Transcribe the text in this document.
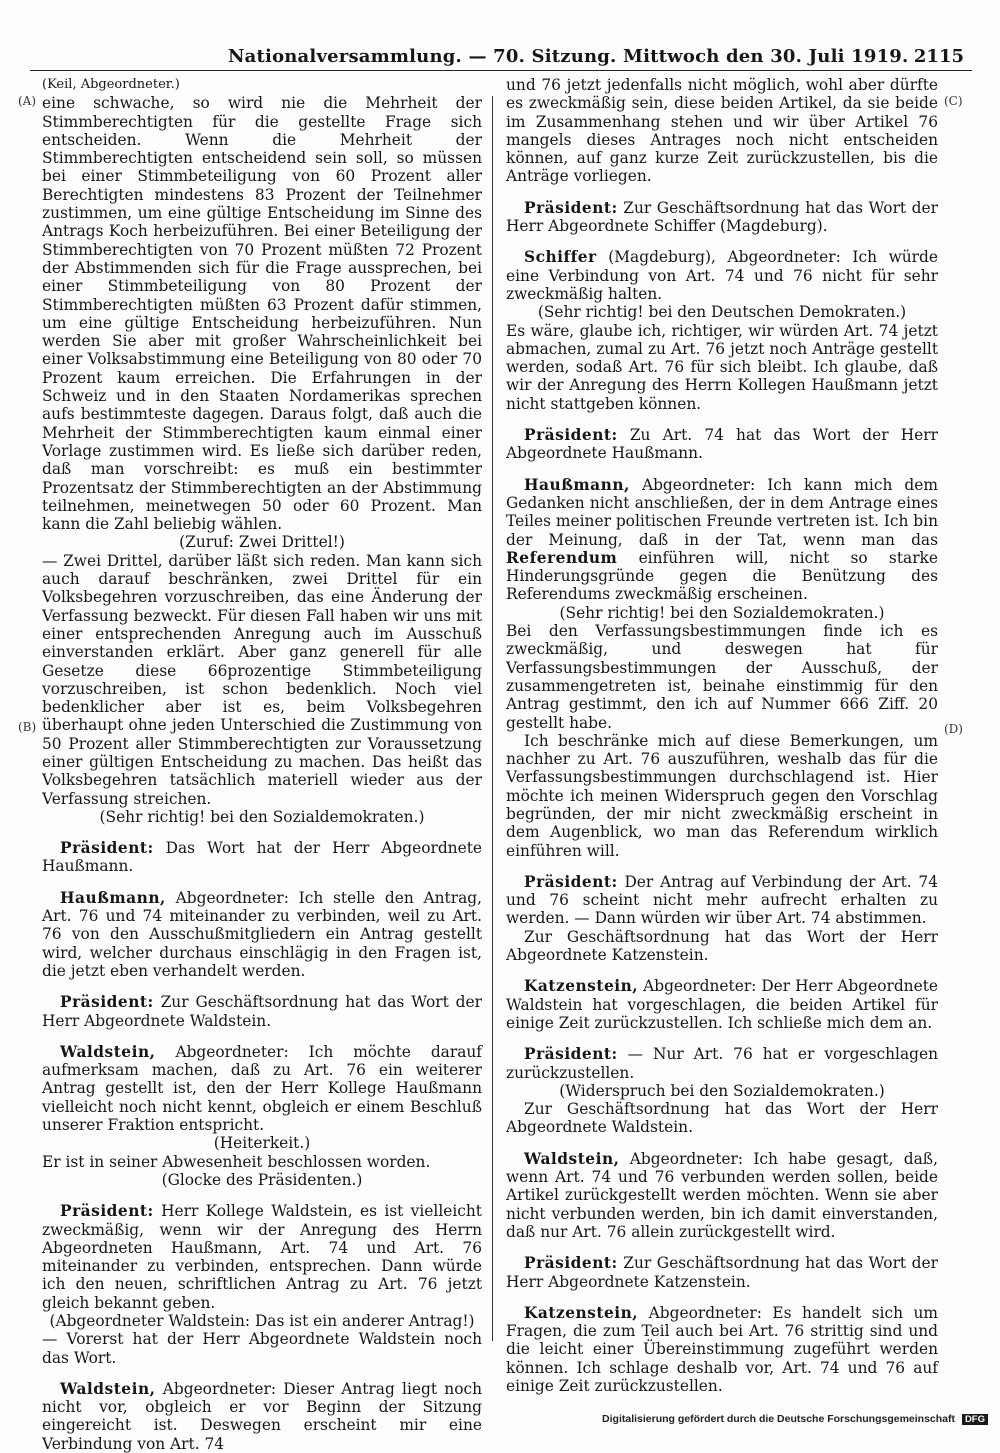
Nationalversammlung. — 70. Sitzung. Mittwoch den 30. Juli 1919. 2115
(A)
(B)
(C)
(D)

(Keil, Abgeordneter.)

eine schwache, so wird nie die Mehrheit der Stimmberechtigten für die gestellte Frage sich entscheiden. Wenn die Mehrheit der Stimmberechtigten entscheidend sein soll, so müssen bei einer Stimmbeteiligung von 60 Prozent aller Berechtigten mindestens 83 Prozent der Teilnehmer zustimmen, um eine gültige Entscheidung im Sinne des Antrags Koch herbeizuführen. Bei einer Beteiligung der Stimmberechtigten von 70 Prozent müßten 72 Prozent der Abstimmenden sich für die Frage aussprechen, bei einer Stimmbeteiligung von 80 Prozent der Stimmberechtigten müßten 63 Prozent dafür stimmen, um eine gültige Entscheidung herbeizuführen. Nun werden Sie aber mit großer Wahrscheinlichkeit bei einer Volksabstimmung eine Beteiligung von 80 oder 70 Prozent kaum erreichen. Die Erfahrungen in der Schweiz und in den Staaten Nordamerikas sprechen aufs bestimmteste dagegen. Daraus folgt, daß auch die Mehrheit der Stimmberechtigten kaum einmal einer Vorlage zustimmen wird. Es ließe sich darüber reden, daß man vorschreibt: es muß ein bestimmter Prozentsatz der Stimmberechtigten an der Abstimmung teilnehmen, meinetwegen 50 oder 60 Prozent. Man kann die Zahl beliebig wählen.

(Zuruf: Zwei Drittel!)

— Zwei Drittel, darüber läßt sich reden. Man kann sich auch darauf beschränken, zwei Drittel für ein Volksbegehren vorzuschreiben, das eine Änderung der Verfassung bezweckt. Für diesen Fall haben wir uns mit einer entsprechenden Anregung auch im Ausschuß einverstanden erklärt. Aber ganz generell für alle Gesetze diese 66prozentige Stimmbeteiligung vorzuschreiben, ist schon bedenklich. Noch viel bedenklicher aber ist es, beim Volksbegehren überhaupt ohne jeden Unterschied die Zustimmung von 50 Prozent aller Stimmberechtigten zur Voraussetzung einer gültigen Entscheidung zu machen. Das heißt das Volksbegehren tatsächlich materiell wieder aus der Verfassung streichen.

(Sehr richtig! bei den Sozialdemokraten.)

Präsident: Das Wort hat der Herr Abgeordnete Haußmann.

Haußmann, Abgeordneter: Ich stelle den Antrag, Art. 76 und 74 miteinander zu verbinden, weil zu Art. 76 von den Ausschußmitgliedern ein Antrag gestellt wird, welcher durchaus einschlägig in den Fragen ist, die jetzt eben verhandelt werden.

Präsident: Zur Geschäftsordnung hat das Wort der Herr Abgeordnete Waldstein.

Waldstein, Abgeordneter: Ich möchte darauf aufmerksam machen, daß zu Art. 76 ein weiterer Antrag gestellt ist, den der Herr Kollege Haußmann vielleicht noch nicht kennt, obgleich er einem Beschluß unserer Fraktion entspricht.

(Heiterkeit.)

Er ist in seiner Abwesenheit beschlossen worden.

(Glocke des Präsidenten.)

Präsident: Herr Kollege Waldstein, es ist vielleicht zweckmäßig, wenn wir der Anregung des Herrn Abgeordneten Haußmann, Art. 74 und Art. 76 miteinander zu verbinden, entsprechen. Dann würde ich den neuen, schriftlichen Antrag zu Art. 76 jetzt gleich bekannt geben.

(Abgeordneter Waldstein: Das ist ein anderer Antrag!)

— Vorerst hat der Herr Abgeordnete Waldstein noch das Wort.

Waldstein, Abgeordneter: Dieser Antrag liegt noch nicht vor, obgleich er vor Beginn der Sitzung eingereicht ist. Deswegen erscheint mir eine Verbindung von Art. 74

und 76 jetzt jedenfalls nicht möglich, wohl aber dürfte es zweckmäßig sein, diese beiden Artikel, da sie beide im Zusammenhang stehen und wir über Artikel 76 mangels dieses Antrages noch nicht entscheiden können, auf ganz kurze Zeit zurückzustellen, bis die Anträge vorliegen.

Präsident: Zur Geschäftsordnung hat das Wort der Herr Abgeordnete Schiffer (Magdeburg).

Schiffer (Magdeburg), Abgeordneter: Ich würde eine Verbindung von Art. 74 und 76 nicht für sehr zweckmäßig halten.

(Sehr richtig! bei den Deutschen Demokraten.)

Es wäre, glaube ich, richtiger, wir würden Art. 74 jetzt abmachen, zumal zu Art. 76 jetzt noch Anträge gestellt werden, sodaß Art. 76 für sich bleibt. Ich glaube, daß wir der Anregung des Herrn Kollegen Haußmann jetzt nicht stattgeben können.

Präsident: Zu Art. 74 hat das Wort der Herr Abgeordnete Haußmann.

Haußmann, Abgeordneter: Ich kann mich dem Gedanken nicht anschließen, der in dem Antrage eines Teiles meiner politischen Freunde vertreten ist. Ich bin der Meinung, daß in der Tat, wenn man das Referendum einführen will, nicht so starke Hinderungsgründe gegen die Benützung des Referendums zweckmäßig erscheinen.

(Sehr richtig! bei den Sozialdemokraten.)

Bei den Verfassungsbestimmungen finde ich es zweckmäßig, und deswegen hat für Verfassungsbestimmungen der Ausschuß, der zusammengetreten ist, beinahe einstimmig für den Antrag gestimmt, den ich auf Nummer 666 Ziff. 20 gestellt habe.

Ich beschränke mich auf diese Bemerkungen, um nachher zu Art. 76 auszuführen, weshalb das für die Verfassungsbestimmungen durchschlagend ist. Hier möchte ich meinen Widerspruch gegen den Vorschlag begründen, der mir nicht zweckmäßig erscheint in dem Augenblick, wo man das Referendum wirklich einführen will.

Präsident: Der Antrag auf Verbindung der Art. 74 und 76 scheint nicht mehr aufrecht erhalten zu werden. — Dann würden wir über Art. 74 abstimmen.

Zur Geschäftsordnung hat das Wort der Herr Abgeordnete Katzenstein.

Katzenstein, Abgeordneter: Der Herr Abgeordnete Waldstein hat vorgeschlagen, die beiden Artikel für einige Zeit zurückzustellen. Ich schließe mich dem an.

Präsident: — Nur Art. 76 hat er vorgeschlagen zurückzustellen.

(Widerspruch bei den Sozialdemokraten.)

Zur Geschäftsordnung hat das Wort der Herr Abgeordnete Waldstein.

Waldstein, Abgeordneter: Ich habe gesagt, daß, wenn Art. 74 und 76 verbunden werden sollen, beide Artikel zurückgestellt werden möchten. Wenn sie aber nicht verbunden werden, bin ich damit einverstanden, daß nur Art. 76 allein zurückgestellt wird.

Präsident: Zur Geschäftsordnung hat das Wort der Herr Abgeordnete Katzenstein.

Katzenstein, Abgeordneter: Es handelt sich um Fragen, die zum Teil auch bei Art. 76 strittig sind und die leicht einer Übereinstimmung zugeführt werden können. Ich schlage deshalb vor, Art. 74 und 76 auf einige Zeit zurückzustellen.

Digitalisierung gefördert durch die Deutsche Forschungsgemeinschaft DFG
